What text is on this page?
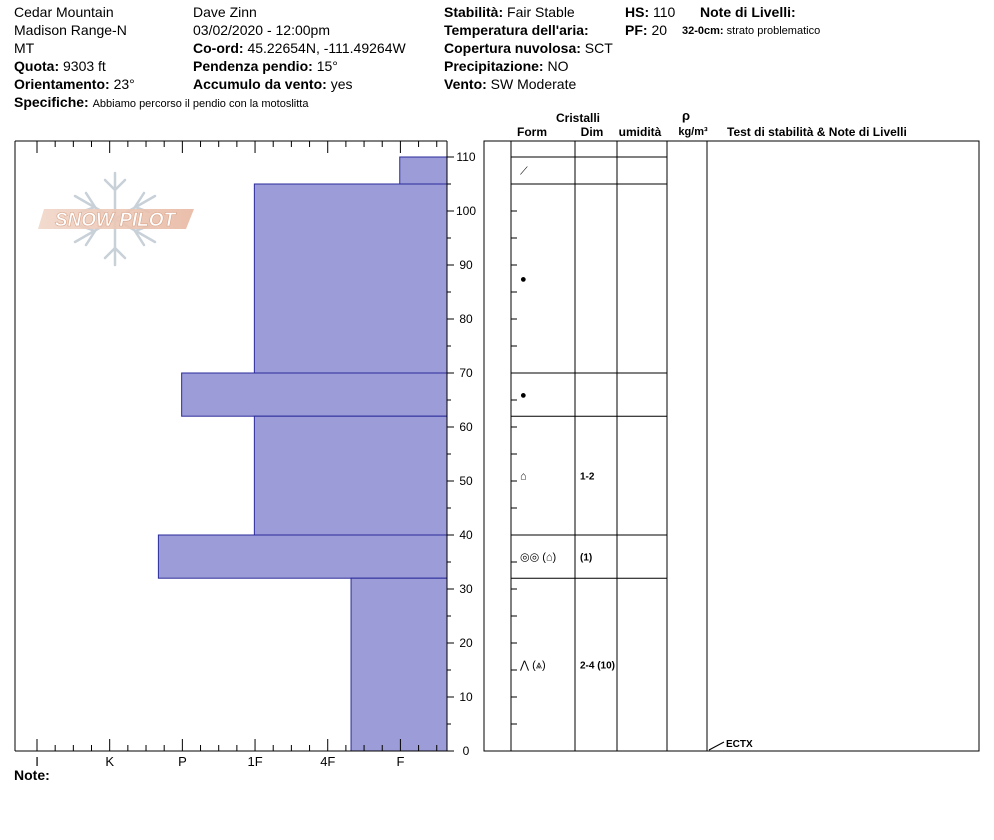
Cedar Mountain
Madison Range-N
MT
Quota: 9303 ft
Orientamento: 23°
Specifiche: Abbiamo percorso il pendio con la motoslitta
Dave Zinn
03/02/2020 - 12:00pm
Co-ord: 45.22654N, -111.49264W
Pendenza pendio: 15°
Accumulo da vento: yes
Stabilità: Fair Stable
Temperatura dell'aria:
Copertura nuvolosa: SCT
Precipitazione: NO
Vento: SW Moderate
HS: 110
PF: 20
Note di Livelli:
32-0cm: strato problematico
SNOW PILOT
I	K	P	1F	4F	F
0
10
20
30
40
50
60
70
80
90
100
110
Cristalli
Form	Dim umidità
ρ
kg/m³ Test di stabilità & Note di Livelli
⟋
●
●
⌂	1-2
◎◎ (⌂) (1)
⋀ (⩓)	2-4 (10)
ECTX
Note:
